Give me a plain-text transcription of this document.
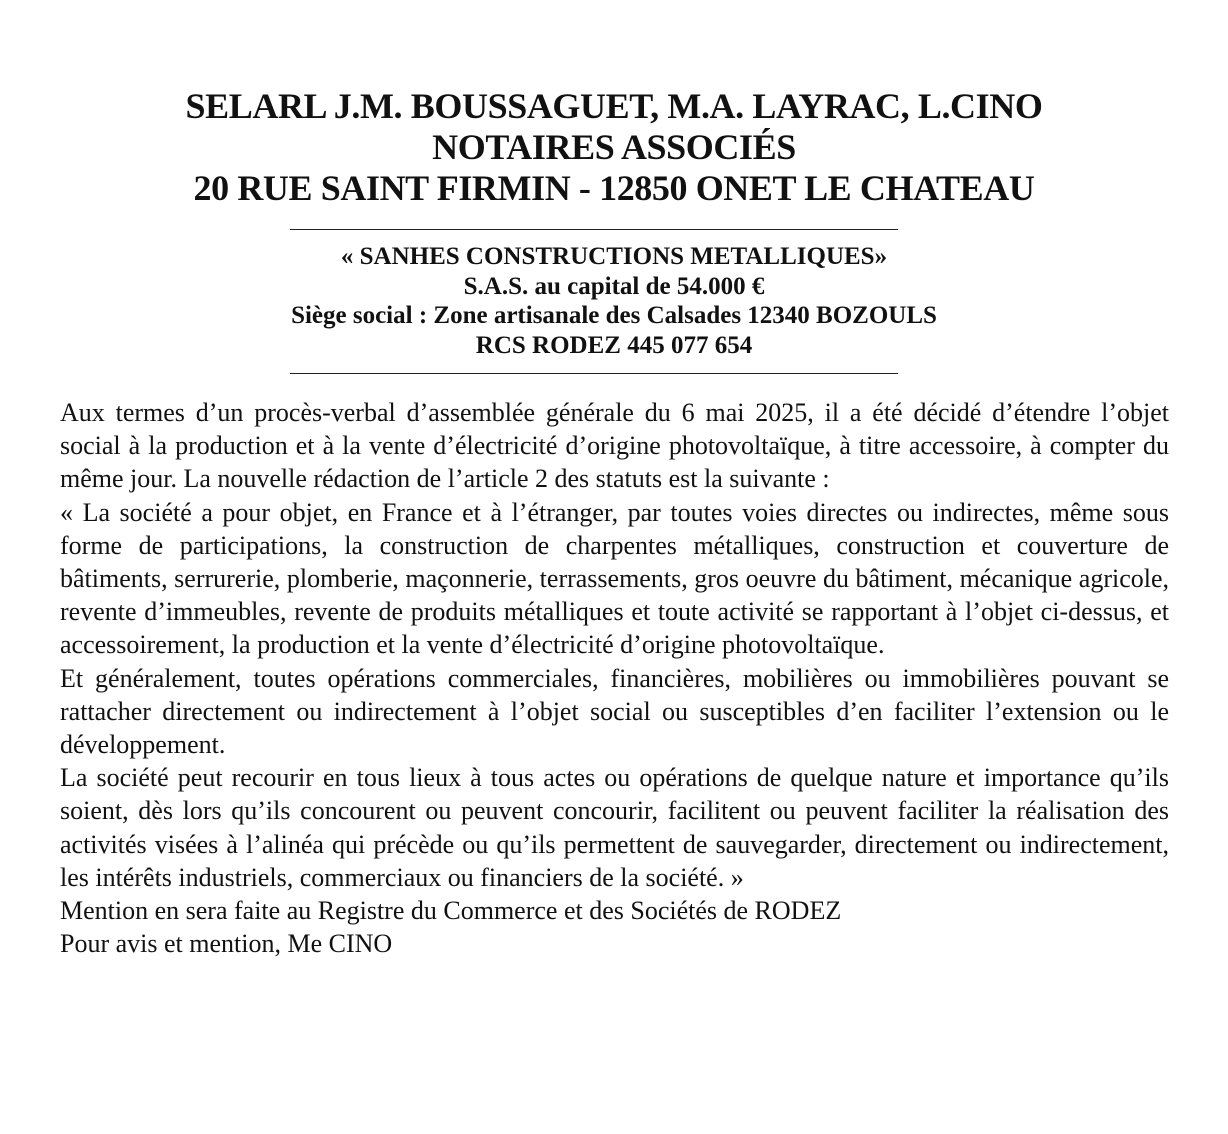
SELARL J.M. BOUSSAGUET, M.A. LAYRAC, L.CINO
NOTAIRES ASSOCIÉS
20 RUE SAINT FIRMIN - 12850 ONET LE CHATEAU
« SANHES CONSTRUCTIONS METALLIQUES»
S.A.S. au capital de 54.000 €
Siège social : Zone artisanale des Calsades 12340 BOZOULS
RCS RODEZ 445 077 654

Aux termes d’un procès-verbal d’assemblée générale du 6 mai 2025, il a été décidé d’étendre l’objet social à la production et à la vente d’électricité d’origine photovoltaïque, à titre accessoire, à compter du même jour. La nouvelle rédaction de l’article 2 des statuts est la suivante :

« La société a pour objet, en France et à l’étranger, par toutes voies directes ou indirectes, même sous forme de participations, la construction de charpentes métalliques, construction et couverture de bâtiments, serrurerie, plomberie, maçonnerie, terrassements, gros oeuvre du bâtiment, mécanique agricole, revente d’immeubles, revente de produits métalliques et toute activité se rapportant à l’objet ci-dessus, et accessoirement, la production et la vente d’électricité d’origine photovoltaïque.

Et généralement, toutes opérations commerciales, financières, mobilières ou immobilières pouvant se rattacher directement ou indirectement à l’objet social ou susceptibles d’en faciliter l’extension ou le développement.

La société peut recourir en tous lieux à tous actes ou opérations de quelque nature et importance qu’ils soient, dès lors qu’ils concourent ou peuvent concourir, facilitent ou peuvent faciliter la réalisation des activités visées à l’alinéa qui précède ou qu’ils permettent de sauvegarder, directement ou indirectement, les intérêts industriels, commerciaux ou financiers de la société. »

Mention en sera faite au Registre du Commerce et des Sociétés de RODEZ

Pour avis et mention, Me CINO
